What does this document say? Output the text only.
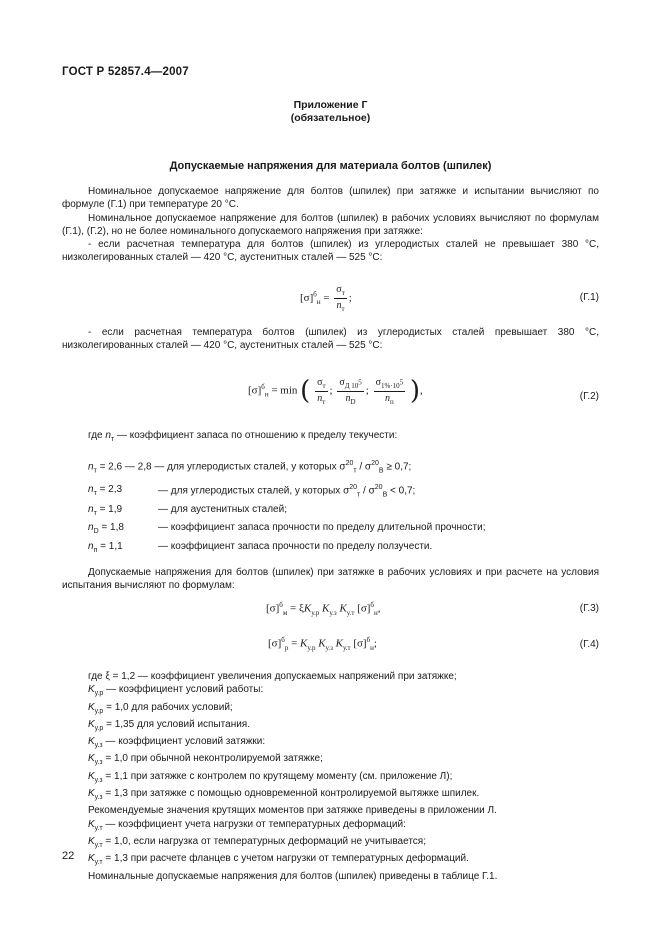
ГОСТ Р 52857.4—2007
Приложение Г
(обязательное)
Допускаемые напряжения для материала болтов (шпилек)

Номинальное допускаемое напряжение для болтов (шпилек) при затяжке и испытании вычисляют по формуле (Г.1) при температуре 20 °С.

Номинальное допускаемое напряжение для болтов (шпилек) в рабочих условиях вычисляют по формулам (Г.1), (Г.2), но не более номинального допускаемого напряжения при затяжке:

- если расчетная температура для болтов (шпилек) из углеродистых сталей не превышает 380 °С, низколегированных сталей — 420 °С, аустенитных сталей — 525 °С:

$[\sigma]^б_н = \frac{\sigma_т}{n_т}$ ;	(Г.1)
- если расчетная температура болтов (шпилек) из углеродистых сталей превышает 380 °С, низколегированных сталей — 420 °С, аустенитных сталей — 525 °С:
$[\sigma]^б_н = \min$ ( $\frac{\sigma_т}{n_т}$ ; $\frac{\sigma_{Д 10^5}}{n_D}$ ; $\frac{\sigma_{1\%\cdot 10^5}}{n_п}$ ),	(Г.2)
где $n_т$ — коэффициент запаса по отношению к пределу текучести:
$n_т = 2,6$ — 2,8 — для углеродистых сталей, у которых $\sigma^{20}_т / \sigma^{20}_В \ge 0,7$;
$n_т = 2,3$	— для углеродистых сталей, у которых $\sigma^{20}_т / \sigma^{20}_В < 0,7$;
$n_т = 1,9$	— для аустенитных сталей;
$n_D = 1,8$	— коэффициент запаса прочности по пределу длительной прочности;
$n_п = 1,1$	— коэффициент запаса прочности по пределу ползучести.
Допускаемые напряжения для болтов (шпилек) при затяжке в рабочих условиях и при расчете на условия испытания вычисляют по формулам:
$[\sigma]^б_м = \xi K_{у.р}$ $K_{у.з}$ $K_{у.т}$ $[\sigma]^б_н$,	(Г.3)
$[\sigma]^б_р = K_{у.р}$ $K_{у.з}$ $K_{у.т}$ $[\sigma]^б_н$;	(Г.4)
где ξ = 1,2 — коэффициент увеличения допускаемых напряжений при затяжке;
$K_{у.р}$ — коэффициент условий работы:
$K_{у.р} = 1,0$ для рабочих условий;
$K_{у.р} = 1,35$ для условий испытания.
$K_{у.з}$ — коэффициент условий затяжки:
$K_{у.з} = 1,0$ при обычной неконтролируемой затяжке;
$K_{у.з} = 1,1$ при затяжке с контролем по крутящему моменту (см. приложение Л);
$K_{у.з} = 1,3$ при затяжке с помощью одновременной контролируемой вытяжке шпилек.
Рекомендуемые значения крутящих моментов при затяжке приведены в приложении Л.
$K_{у.т}$ — коэффициент учета нагрузки от температурных деформаций:
$K_{у.т} = 1,0$, если нагрузка от температурных деформаций не учитывается;
$K_{у.т} = 1,3$ при расчете фланцев с учетом нагрузки от температурных деформаций.
Номинальные допускаемые напряжения для болтов (шпилек) приведены в таблице Г.1.
22
